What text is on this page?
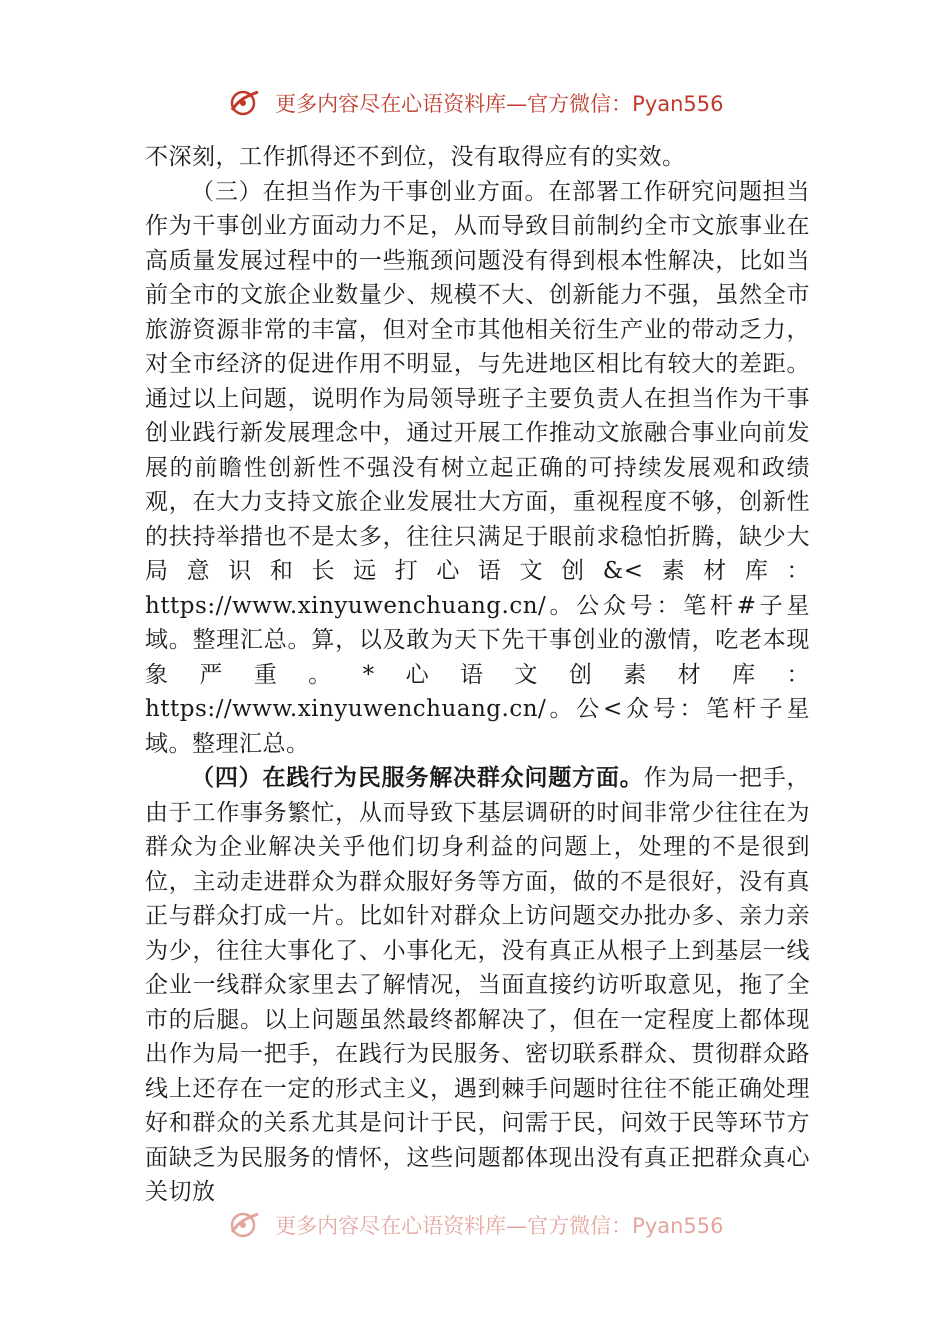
更多内容尽在心语资料库—官方微信：Pyan556

不深刻，工作抓得还不到位，没有取得应有的实效。

（三）在担当作为干事创业方面。在部署工作研究问题担当作为干事创业方面动力不足，从而导致目前制约全市文旅事业在高质量发展过程中的一些瓶颈问题没有得到根本性解决，比如当前全市的文旅企业数量少、规模不大、创新能力不强，虽然全市旅游资源非常的丰富，但对全市其他相关衍生产业的带动乏力，对全市经济的促进作用不明显，与先进地区相比有较大的差距。通过以上问题，说明作为局领导班子主要负责人在担当作为干事创业践行新发展理念中，通过开展工作推动文旅融合事业向前发展的前瞻性创新性不强没有树立起正确的可持续发展观和政绩观，在大力支持文旅企业发展壮大方面，重视程度不够，创新性的扶持举措也不是太多，往往只满足于眼前求稳怕折腾，缺少大局意识和长远打心语文创&<素材库：https://www.xinyuwenchuang.cn/。公众号：笔杆#子星域。整理汇总。算，以及敢为天下先干事创业的激情，吃老本现象严重。*心语文创素材库：https://www.xinyuwenchuang.cn/。公<众号：笔杆子星域。整理汇总。

（四）在践行为民服务解决群众问题方面。作为局一把手，由于工作事务繁忙，从而导致下基层调研的时间非常少往往在为群众为企业解决关乎他们切身利益的问题上，处理的不是很到位，主动走进群众为群众服好务等方面，做的不是很好，没有真正与群众打成一片。比如针对群众上访问题交办批办多、亲力亲为少，往往大事化了、小事化无，没有真正从根子上到基层一线企业一线群众家里去了解情况，当面直接约访听取意见，拖了全市的后腿。以上问题虽然最终都解决了，但在一定程度上都体现出作为局一把手，在践行为民服务、密切联系群众、贯彻群众路线上还存在一定的形式主义，遇到棘手问题时往往不能正确处理好和群众的关系尤其是问计于民，问需于民，问效于民等环节方面缺乏为民服务的情怀，这些问题都体现出没有真正把群众真心关切放

更多内容尽在心语资料库—官方微信：Pyan556
